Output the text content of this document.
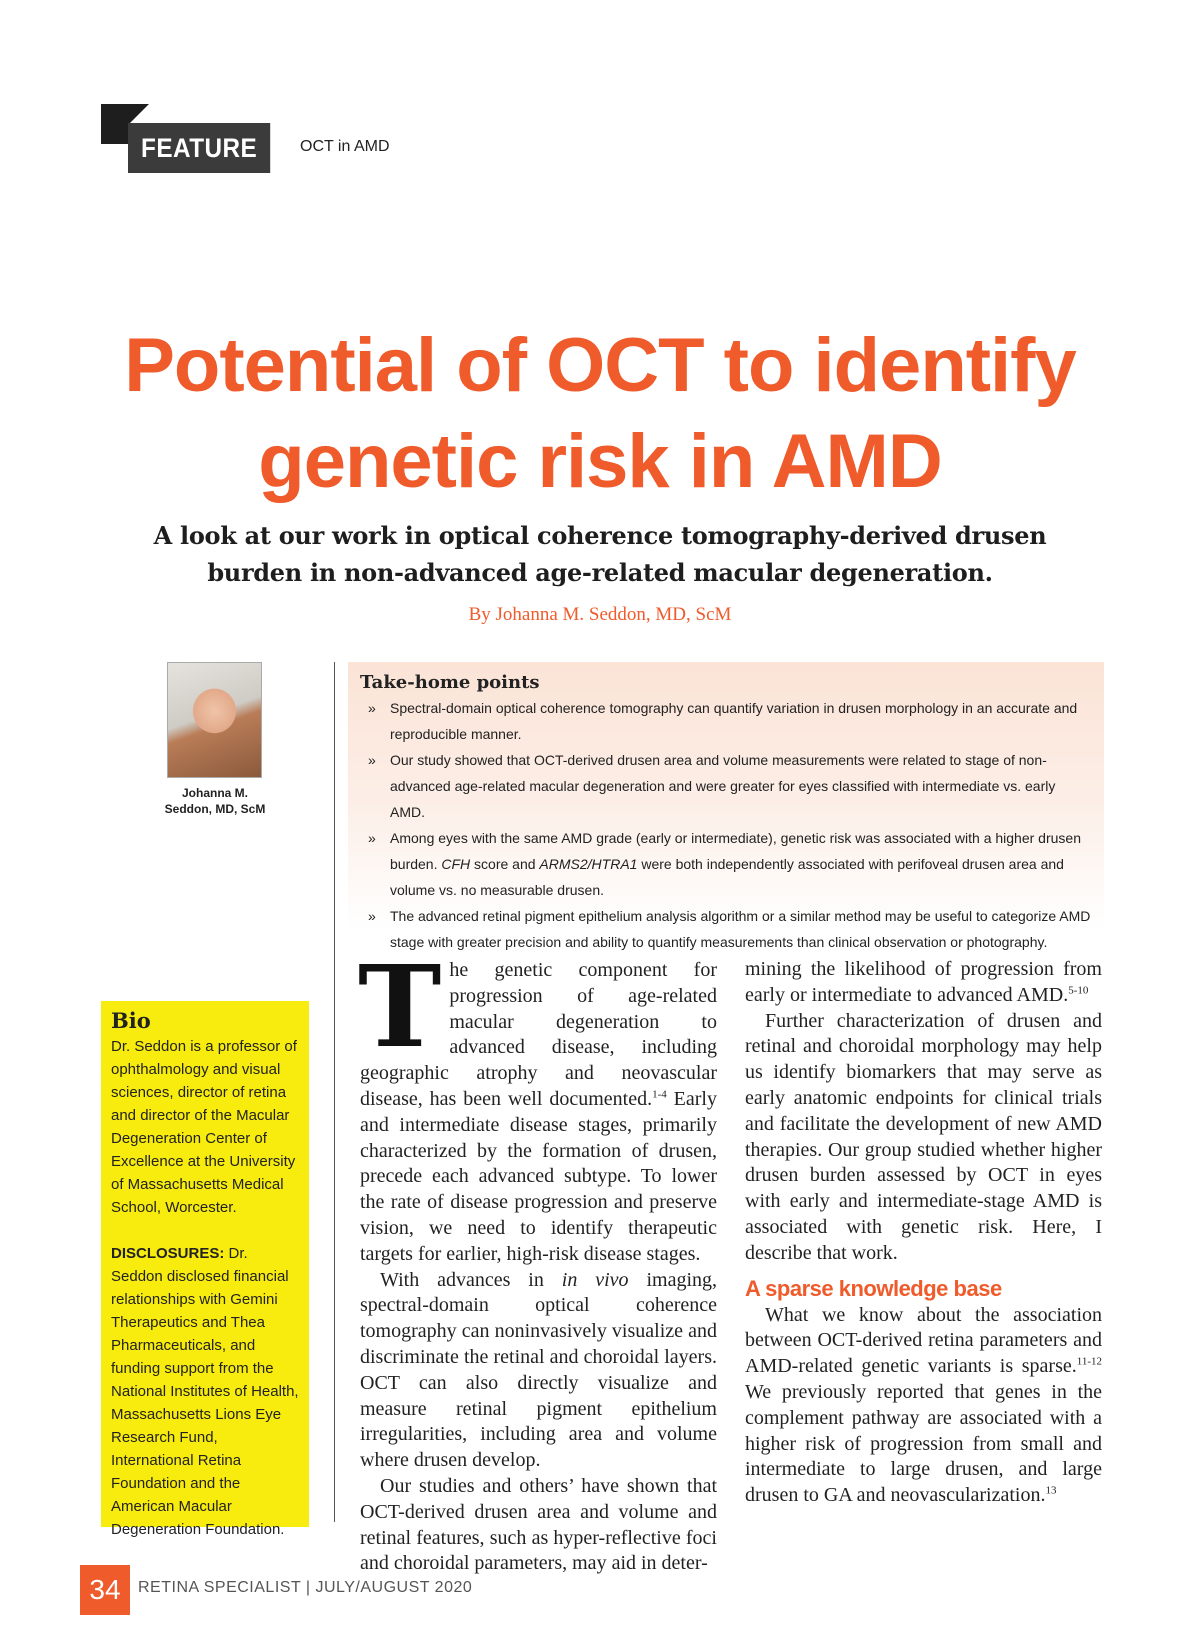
FEATURE	OCT in AMD
Potential of OCT to identify
genetic risk in AMD
A look at our work in optical coherence tomography-derived drusen
burden in non-advanced age-related macular degeneration.
By Johanna M. Seddon, MD, ScM
Johanna M.
Seddon, MD, ScM
Take-home points
» Spectral-domain optical coherence tomography can quantify variation in drusen morphology in an accurate and reproducible manner.
» Our study showed that OCT-derived drusen area and volume measurements were related to stage of non-advanced age-related macular degeneration and were greater for eyes classified with intermediate vs. early AMD.
» Among eyes with the same AMD grade (early or intermediate), genetic risk was associated with a higher drusen burden. CFH score and ARMS2/HTRA1 were both independently associated with perifoveal drusen area and volume vs. no measurable drusen.
» The advanced retinal pigment epithelium analysis algorithm or a similar method may be useful to categorize AMD stage with greater precision and ability to quantify measurements than clinical observation or photography.
Bio

Dr. Seddon is a professor of ophthalmology and visual sciences, director of retina and director of the Macular Degeneration Center of Excellence at the University of Massachusetts Medical School, Worcester.

DISCLOSURES: Dr. Seddon disclosed financial relationships with Gemini Therapeutics and Thea Pharmaceuticals, and funding support from the National Institutes of Health, Massachusetts Lions Eye Research Fund, International Retina Foundation and the American Macular Degeneration Foundation.

The genetic component for progression of age-related macular degeneration to advanced disease, including geographic atrophy and neovascular disease, has been well documented.$^{1-4}$ Early and intermediate disease stages, primarily characterized by the formation of drusen, precede each advanced subtype. To lower the rate of disease progression and preserve vision, we need to identify therapeutic targets for earlier, high-risk disease stages.

With advances in in vivo imaging, spectral-domain optical coherence tomography can noninvasively visualize and discriminate the retinal and choroidal layers. OCT can also directly visualize and measure retinal pigment epithelium irregularities, including area and volume where drusen develop.

Our studies and others’ have shown that OCT-derived drusen area and volume and retinal features, such as hyper-reflective foci and choroidal parameters, may aid in deter-

mining the likelihood of progression from early or intermediate to advanced AMD.$^{5-10}$

Further characterization of drusen and retinal and choroidal morphology may help us identify biomarkers that may serve as early anatomic endpoints for clinical trials and facilitate the development of new AMD therapies. Our group studied whether higher drusen burden assessed by OCT in eyes with early and intermediate-stage AMD is associated with genetic risk. Here, I describe that work.

A sparse knowledge base

What we know about the association between OCT-derived retina parameters and AMD-related genetic variants is sparse.$^{11-12}$ We previously reported that genes in the complement pathway are associated with a higher risk of progression from small and intermediate to large drusen, and large drusen to GA and neovascularization.$^{13}$

34	RETINA SPECIALIST | JULY/AUGUST 2020
